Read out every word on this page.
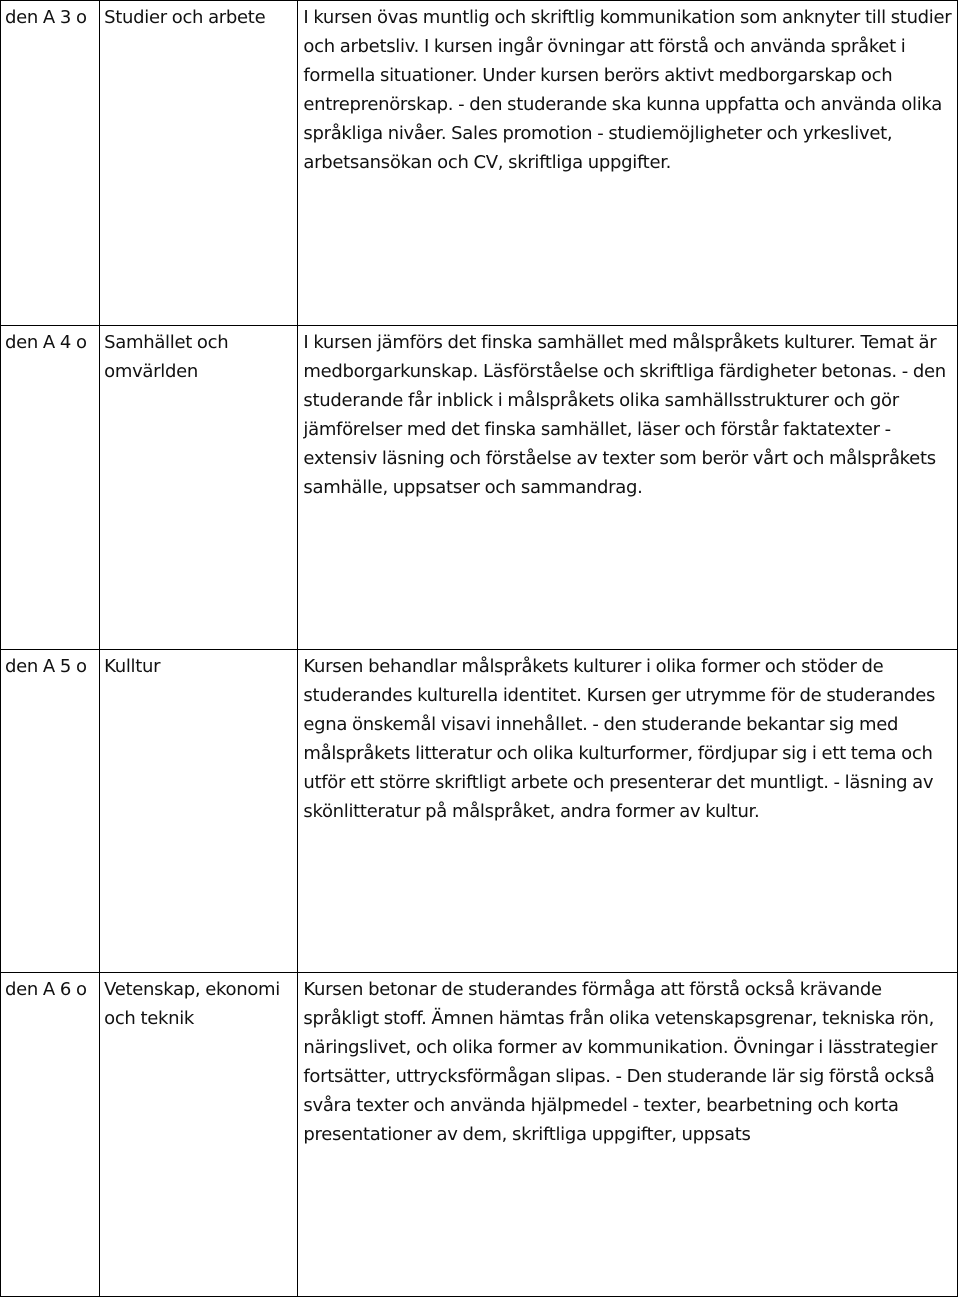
den A 3 o	Studier och arbete	I kursen övas muntlig och skriftlig kommunikation som anknyter till studier och arbetsliv. I kursen ingår övningar att förstå och använda språket i formella situationer. Under kursen berörs aktivt medborgarskap och entreprenörskap. - den studerande ska kunna uppfatta och använda olika språkliga nivåer. Sales promotion - studiemöjligheter och yrkeslivet, arbetsansökan och CV, skriftliga uppgifter.
den A 4 o	Samhället och omvärlden	I kursen jämförs det finska samhället med målspråkets kulturer. Temat är medborgarkunskap. Läsförståelse och skriftliga färdigheter betonas. - den studerande får inblick i målspråkets olika samhällsstrukturer och gör jämförelser med det finska samhället, läser och förstår faktatexter - extensiv läsning och förståelse av texter som berör vårt och målspråkets samhälle, uppsatser och sammandrag.
den A 5 o	Kulltur	Kursen behandlar målspråkets kulturer i olika former och stöder de studerandes kulturella identitet. Kursen ger utrymme för de studerandes egna önskemål visavi innehållet. - den studerande bekantar sig med målspråkets litteratur och olika kulturformer, fördjupar sig i ett tema och utför ett större skriftligt arbete och presenterar det muntligt. - läsning av skönlitteratur på målspråket, andra former av kultur.
den A 6 o	Vetenskap, ekonomi och teknik	Kursen betonar de studerandes förmåga att förstå också krävande språkligt stoff. Ämnen hämtas från olika vetenskapsgrenar, tekniska rön, näringslivet, och olika former av kommunikation. Övningar i lässtrategier fortsätter, uttrycksförmågan slipas. - Den studerande lär sig förstå också svåra texter och använda hjälpmedel - texter, bearbetning och korta presentationer av dem, skriftliga uppgifter, uppsats
